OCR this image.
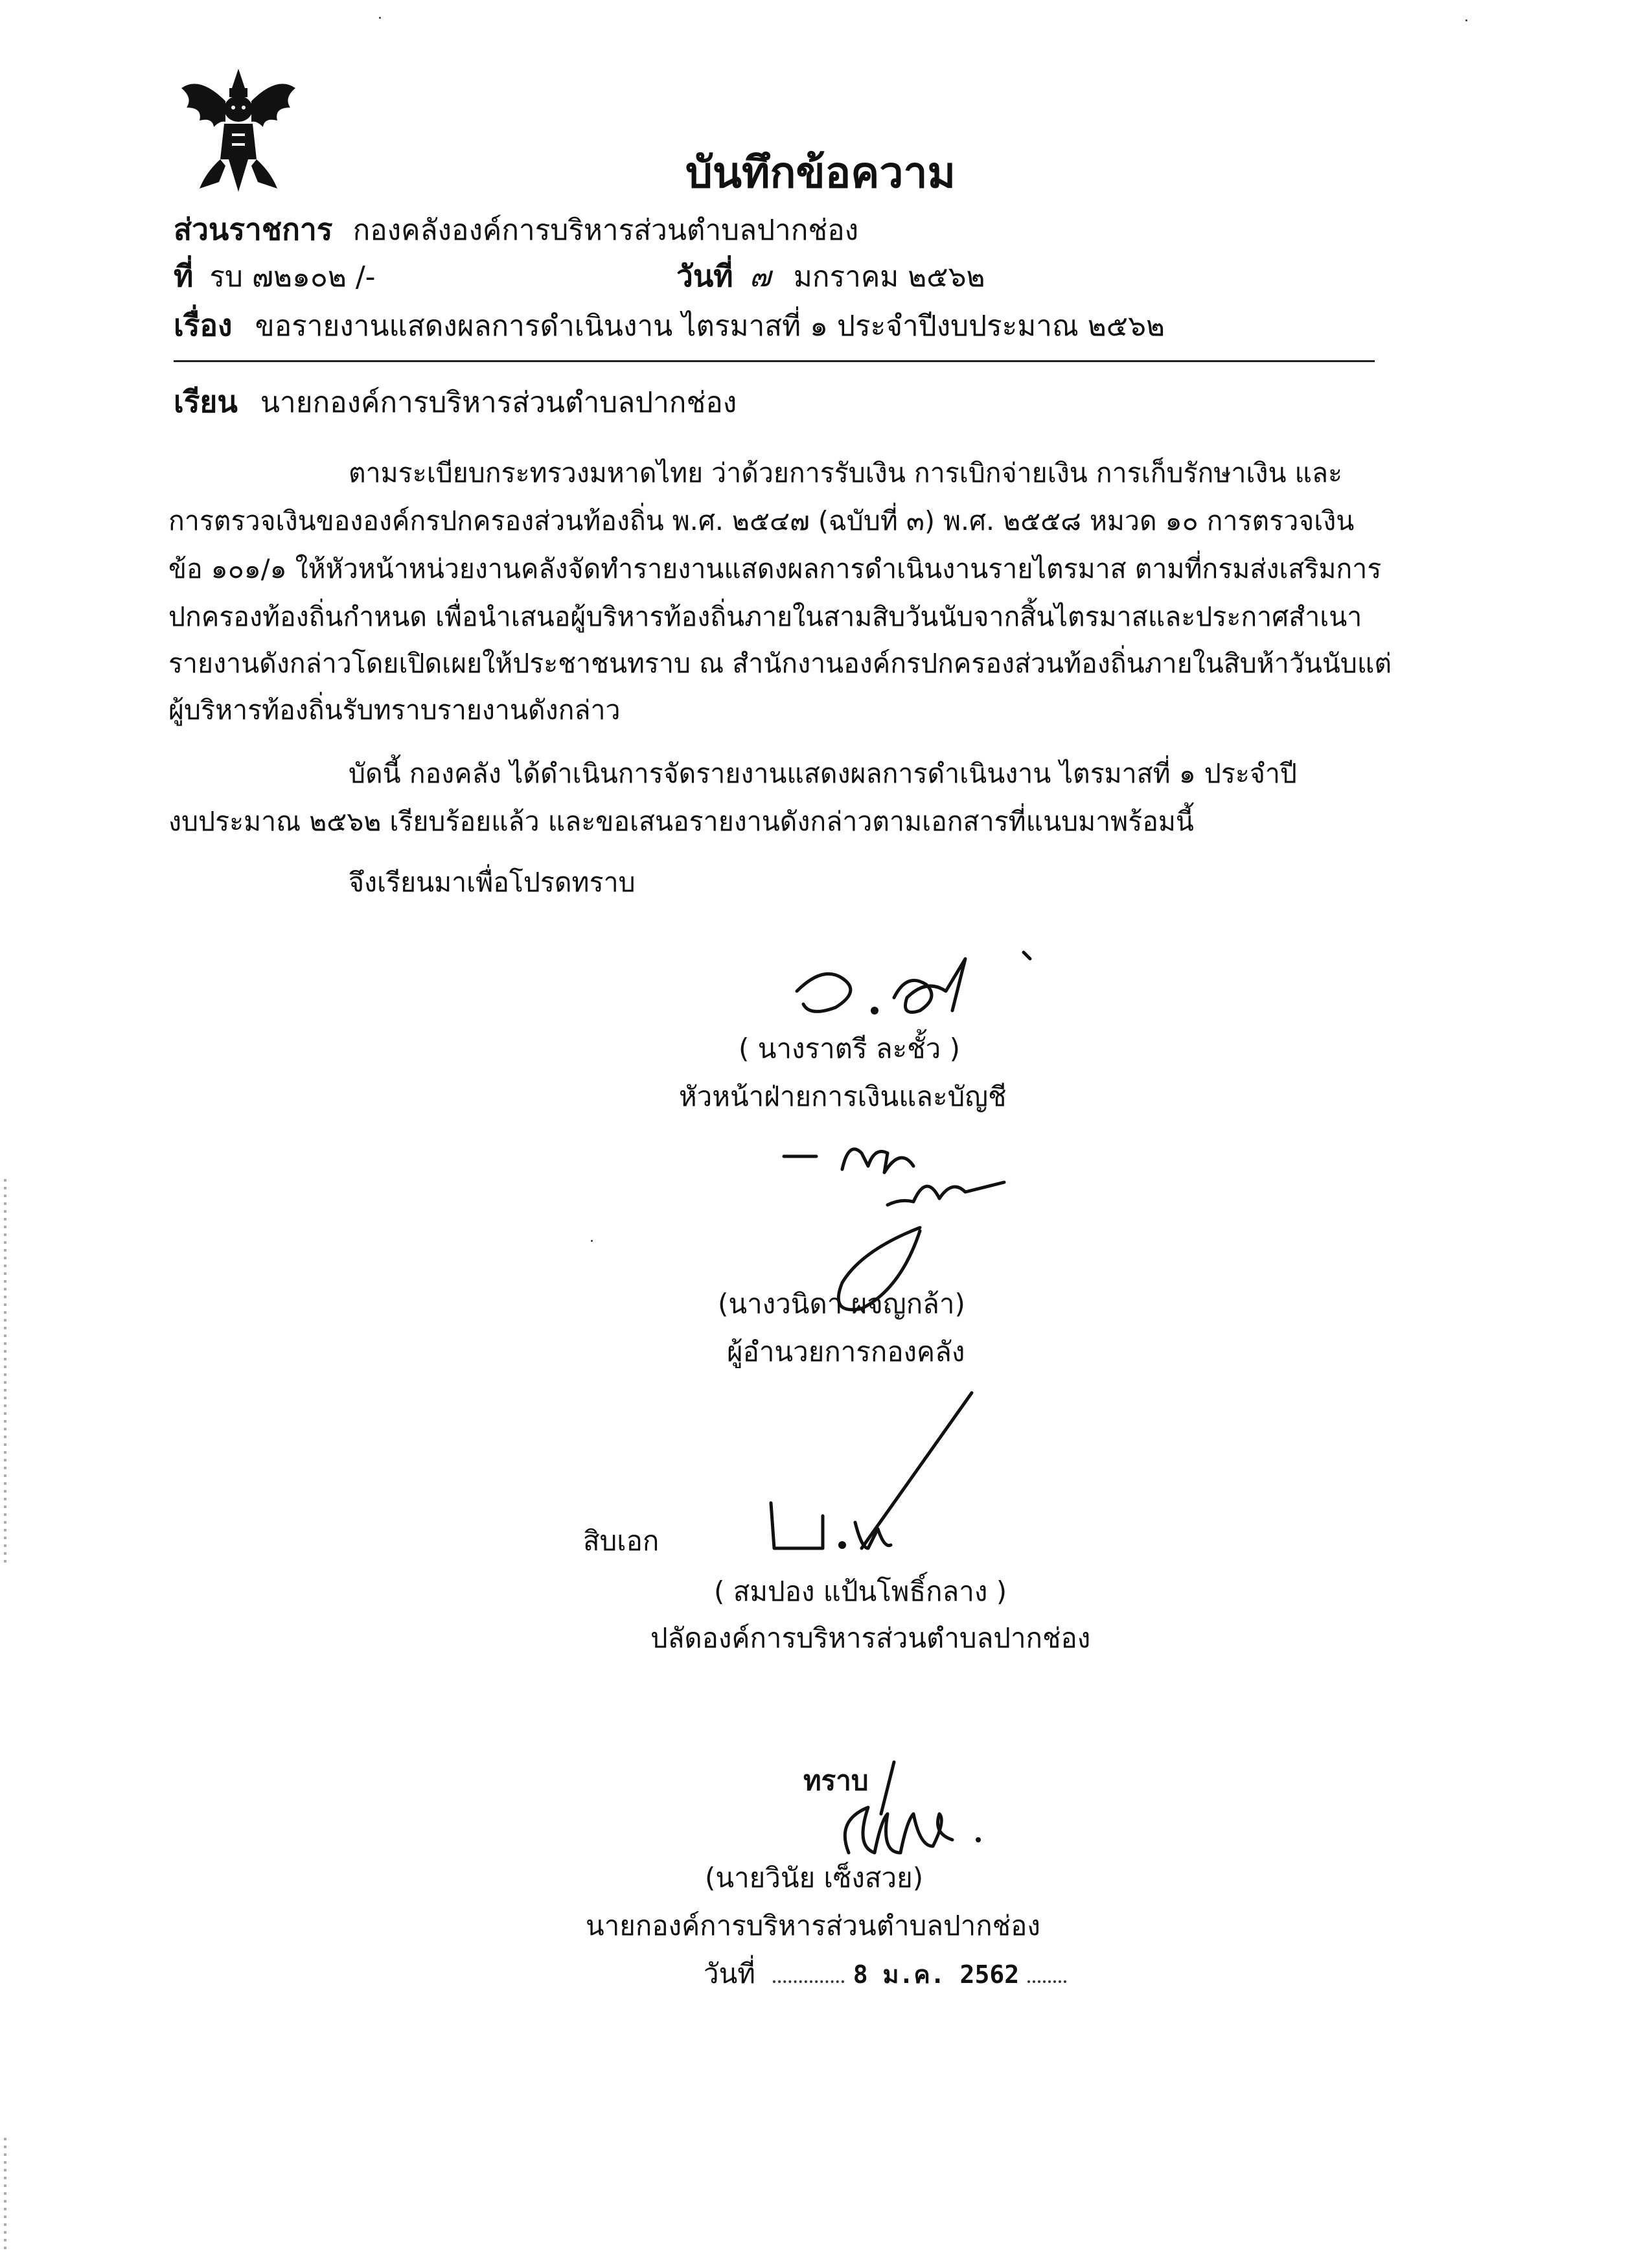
บันทึกข้อความ
ส่วนราชการ กองคลังองค์การบริหารส่วนตำบลปากช่อง
ที่ รบ ๗๒๑๐๒ /-	วันที่ ๗ มกราคม ๒๕๖๒
เรื่อง ขอรายงานแสดงผลการดำเนินงาน ไตรมาสที่ ๑ ประจำปีงบประมาณ ๒๕๖๒
เรียน นายกองค์การบริหารส่วนตำบลปากช่อง
ตามระเบียบกระทรวงมหาดไทย ว่าด้วยการรับเงิน การเบิกจ่ายเงิน การเก็บรักษาเงิน และ
การตรวจเงินขององค์กรปกครองส่วนท้องถิ่น พ.ศ. ๒๕๔๗ (ฉบับที่ ๓) พ.ศ. ๒๕๕๘ หมวด ๑๐ การตรวจเงิน
ข้อ ๑๐๑/๑ ให้หัวหน้าหน่วยงานคลังจัดทำรายงานแสดงผลการดำเนินงานรายไตรมาส ตามที่กรมส่งเสริมการ
ปกครองท้องถิ่นกำหนด เพื่อนำเสนอผู้บริหารท้องถิ่นภายในสามสิบวันนับจากสิ้นไตรมาสและประกาศสำเนา
รายงานดังกล่าวโดยเปิดเผยให้ประชาชนทราบ ณ สำนักงานองค์กรปกครองส่วนท้องถิ่นภายในสิบห้าวันนับแต่
ผู้บริหารท้องถิ่นรับทราบรายงานดังกล่าว
บัดนี้ กองคลัง ได้ดำเนินการจัดรายงานแสดงผลการดำเนินงาน ไตรมาสที่ ๑ ประจำปี
งบประมาณ ๒๕๖๒ เรียบร้อยแล้ว และขอเสนอรายงานดังกล่าวตามเอกสารที่แนบมาพร้อมนี้
จึงเรียนมาเพื่อโปรดทราบ
( นางราตรี ละชั้ว )
หัวหน้าฝ่ายการเงินและบัญชี
(นางวนิดา ผจญกล้า)
ผู้อำนวยการกองคลัง
สิบเอก
( สมปอง แป้นโพธิ์กลาง )
ปลัดองค์การบริหารส่วนตำบลปากช่อง
ทราบ
(นายวินัย เซ็งสวย)
นายกองค์การบริหารส่วนตำบลปากช่อง
วันที่	8 ม.ค. 2562
